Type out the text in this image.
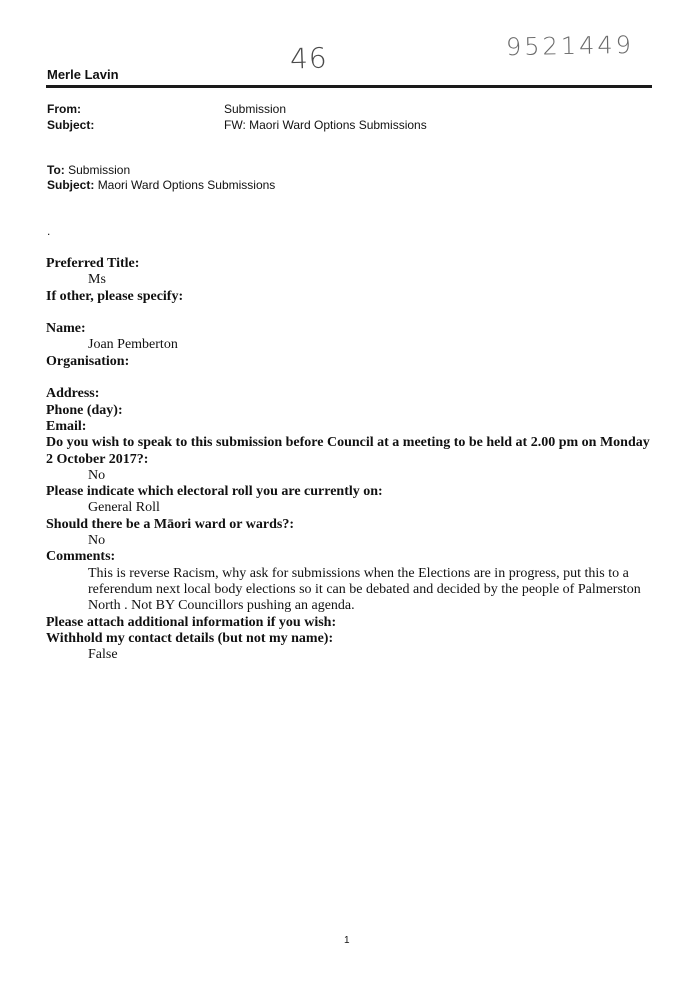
46	9521449
Merle Lavin
From:	Submission
Subject:	FW: Maori Ward Options Submissions
To: Submission
Subject: Maori Ward Options Submissions
.
Preferred Title:
Ms
If other, please specify:
Name:
Joan Pemberton
Organisation:
Address:
Phone (day):
Email:
Do you wish to speak to this submission before Council at a meeting to be held at 2.00 pm on Monday 2 October 2017?:
No
Please indicate which electoral roll you are currently on:
General Roll
Should there be a Māori ward or wards?:
No
Comments:
This is reverse Racism, why ask for submissions when the Elections are in progress, put this to a referendum next local body elections so it can be debated and decided by the people of Palmerston North . Not BY Councillors pushing an agenda.
Please attach additional information if you wish:
Withhold my contact details (but not my name):
False
1
